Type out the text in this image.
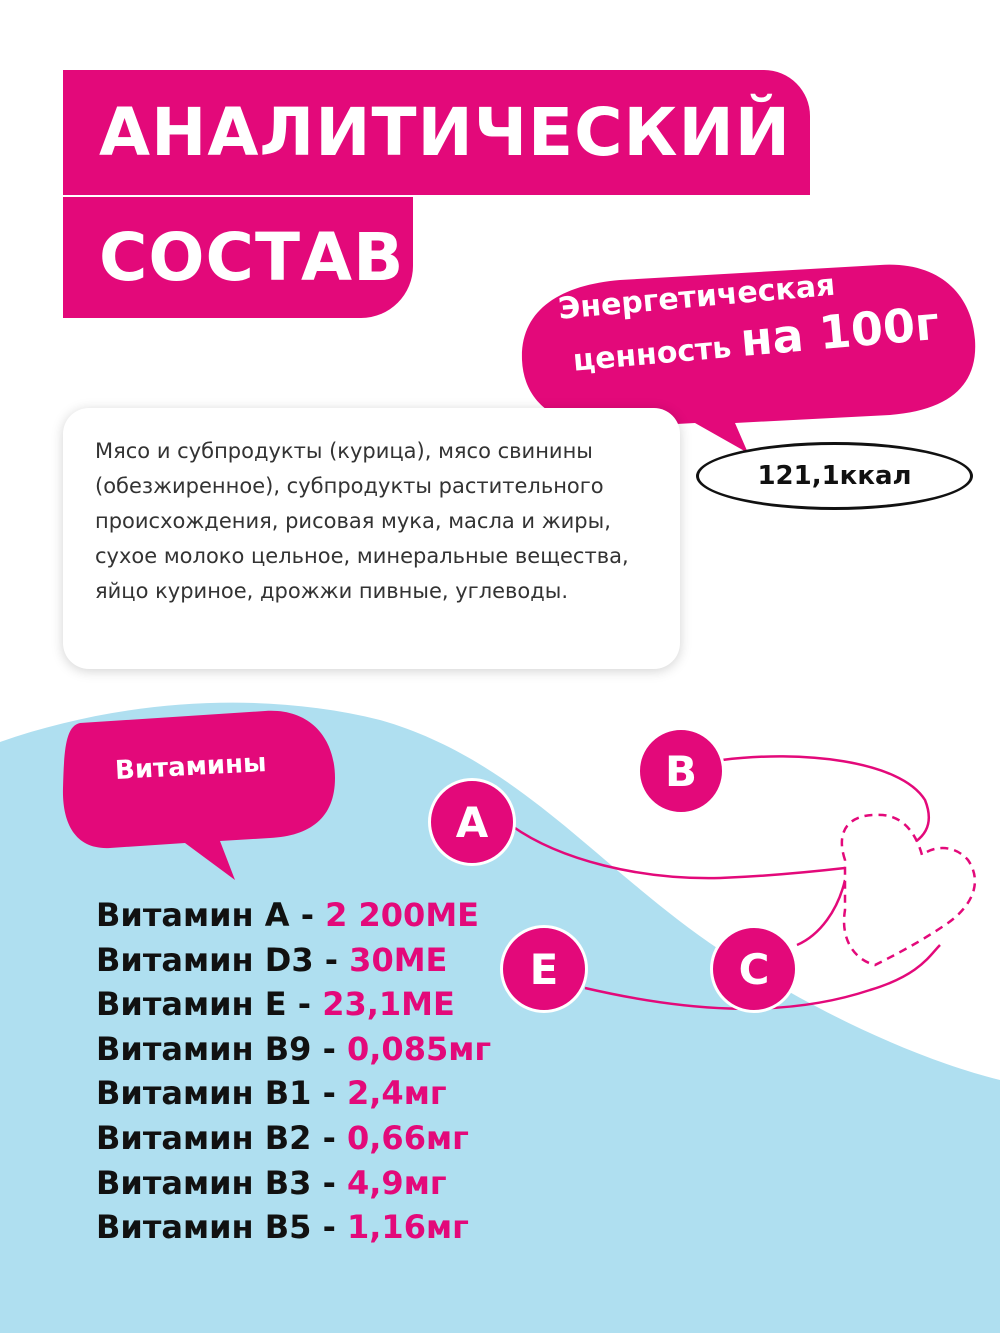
АНАЛИТИЧЕСКИЙ
СОСТАВ
Энергетическая
ценность на 100г
121,1ккал
Мясо и субпродукты (курица), мясо свинины (обезжиренное), субпродукты растительного происхождения, рисовая мука, масла и жиры, сухое молоко цельное, минеральные вещества, яйцо куриное, дрожжи пивные, углеводы.
Витамины
A
B
C
E
Витамин А - 2 200МЕ
Витамин D3 - 30МЕ
Витамин Е - 23,1МЕ
Витамин В9 - 0,085мг
Витамин В1 - 2,4мг
Витамин В2 - 0,66мг
Витамин В3 - 4,9мг
Витамин В5 - 1,16мг
